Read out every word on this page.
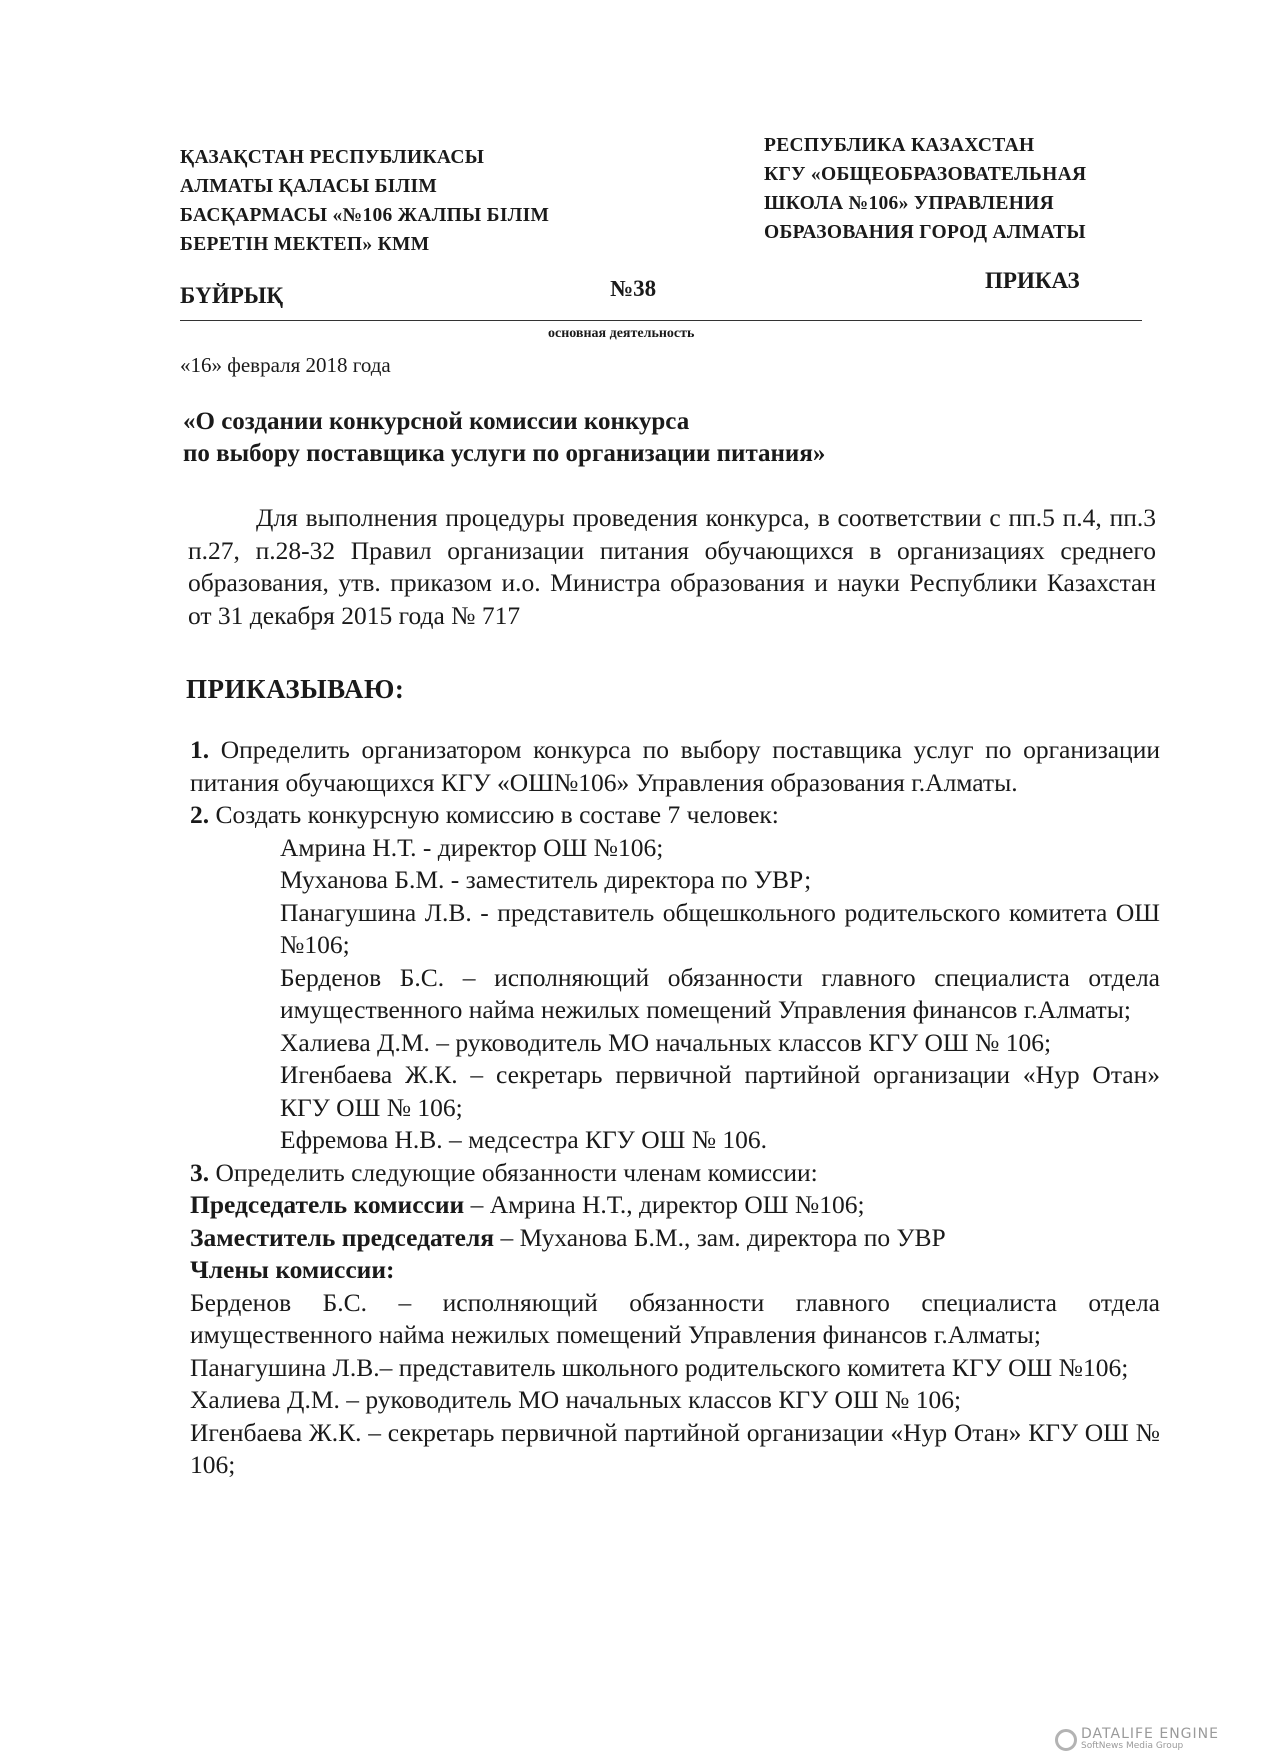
ҚАЗАҚСТАН РЕСПУБЛИКАСЫ
АЛМАТЫ ҚАЛАСЫ БІЛІМ
БАСҚАРМАСЫ «№106 ЖАЛПЫ БІЛІМ
БЕРЕТІН МЕКТЕП» КММ
РЕСПУБЛИКА КАЗАХСТАН
КГУ «ОБЩЕОБРАЗОВАТЕЛЬНАЯ
ШКОЛА №106» УПРАВЛЕНИЯ
ОБРАЗОВАНИЯ ГОРОД АЛМАТЫ
БҮЙРЫҚ	№38	ПРИКАЗ
основная деятельность
«16» февраля 2018 года
«О создании конкурсной комиссии конкурса
по выбору поставщика услуги по организации питания»
Для выполнения процедуры проведения конкурса, в соответствии с пп.5 п.4, пп.3 п.27, п.28-32 Правил организации питания обучающихся в организациях среднего образования, утв. приказом и.о. Министра образования и науки Республики Казахстан от 31 декабря 2015 года № 717
ПРИКАЗЫВАЮ:

1. Определить организатором конкурса по выбору поставщика услуг по организации питания обучающихся КГУ «ОШ№106» Управления образования г.Алматы.

2. Создать конкурсную комиссию в составе 7 человек:

Амрина Н.Т. - директор ОШ №106;

Муханова Б.М. - заместитель директора по УВР;

Панагушина Л.В. - представитель общешкольного родительского комитета ОШ №106;

Берденов Б.С. – исполняющий обязанности главного специалиста отдела имущественного найма нежилых помещений Управления финансов г.Алматы;

Халиева Д.М. – руководитель МО начальных классов КГУ ОШ № 106;

Игенбаева Ж.К. – секретарь первичной партийной организации «Нур Отан» КГУ ОШ № 106;

Ефремова Н.В. – медсестра КГУ ОШ № 106.

3. Определить следующие обязанности членам комиссии:

Председатель комиссии – Амрина Н.Т., директор ОШ №106;

Заместитель председателя – Муханова Б.М., зам. директора по УВР

Члены комиссии:

Берденов Б.С. – исполняющий обязанности главного специалиста отдела имущественного найма нежилых помещений Управления финансов г.Алматы;

Панагушина Л.В.– представитель школьного родительского комитета КГУ ОШ №106;

Халиева Д.М. – руководитель МО начальных классов КГУ ОШ № 106;

Игенбаева Ж.К. – секретарь первичной партийной организации «Нур Отан» КГУ ОШ № 106;

DATALIFE ENGINE
SoftNews Media Group
